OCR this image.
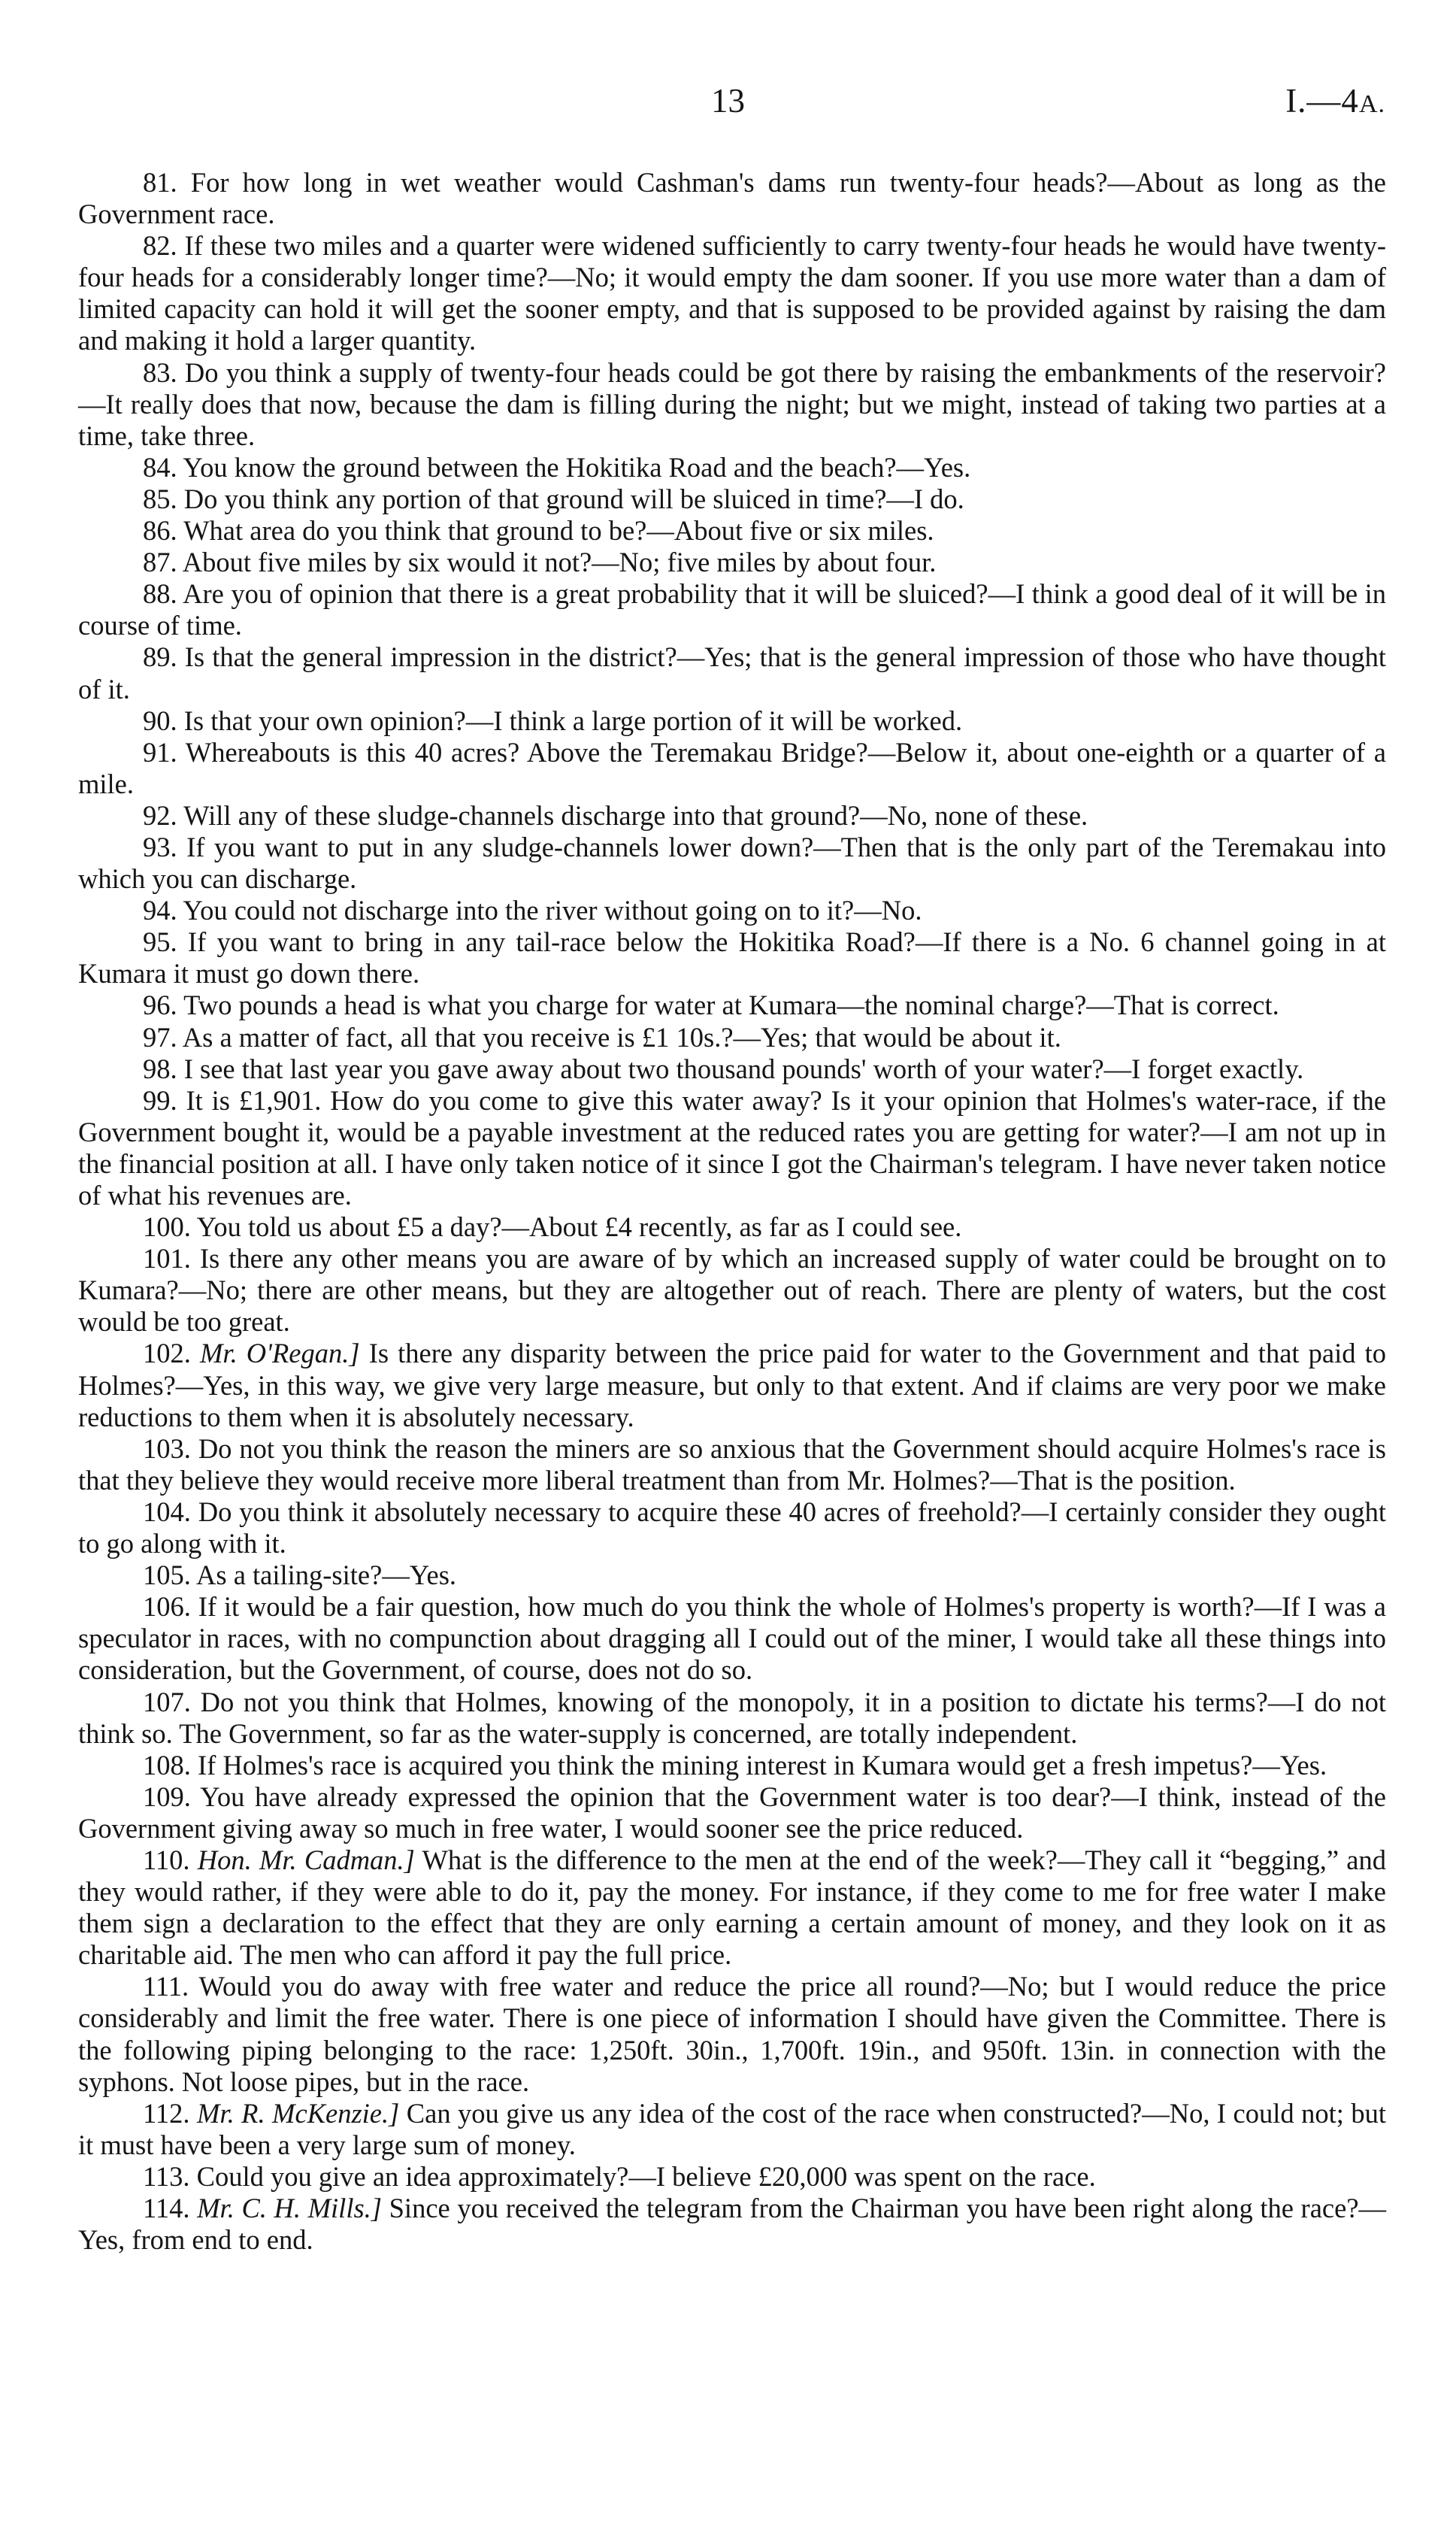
13	I.—4A.

81. For how long in wet weather would Cashman's dams run twenty-four heads?—About as long as the Government race.

82. If these two miles and a quarter were widened sufficiently to carry twenty-four heads he would have twenty-four heads for a considerably longer time?—No; it would empty the dam sooner. If you use more water than a dam of limited capacity can hold it will get the sooner empty, and that is supposed to be provided against by raising the dam and making it hold a larger quantity.

83. Do you think a supply of twenty-four heads could be got there by raising the embankments of the reservoir?—It really does that now, because the dam is filling during the night; but we might, instead of taking two parties at a time, take three.

84. You know the ground between the Hokitika Road and the beach?—Yes.

85. Do you think any portion of that ground will be sluiced in time?—I do.

86. What area do you think that ground to be?—About five or six miles.

87. About five miles by six would it not?—No; five miles by about four.

88. Are you of opinion that there is a great probability that it will be sluiced?—I think a good deal of it will be in course of time.

89. Is that the general impression in the district?—Yes; that is the general impression of those who have thought of it.

90. Is that your own opinion?—I think a large portion of it will be worked.

91. Whereabouts is this 40 acres? Above the Teremakau Bridge?—Below it, about one-eighth or a quarter of a mile.

92. Will any of these sludge-channels discharge into that ground?—No, none of these.

93. If you want to put in any sludge-channels lower down?—Then that is the only part of the Teremakau into which you can discharge.

94. You could not discharge into the river without going on to it?—No.

95. If you want to bring in any tail-race below the Hokitika Road?—If there is a No. 6 channel going in at Kumara it must go down there.

96. Two pounds a head is what you charge for water at Kumara—the nominal charge?—That is correct.

97. As a matter of fact, all that you receive is £1 10s.?—Yes; that would be about it.

98. I see that last year you gave away about two thousand pounds' worth of your water?—I forget exactly.

99. It is £1,901. How do you come to give this water away? Is it your opinion that Holmes's water-race, if the Government bought it, would be a payable investment at the reduced rates you are getting for water?—I am not up in the financial position at all. I have only taken notice of it since I got the Chairman's telegram. I have never taken notice of what his revenues are.

100. You told us about £5 a day?—About £4 recently, as far as I could see.

101. Is there any other means you are aware of by which an increased supply of water could be brought on to Kumara?—No; there are other means, but they are altogether out of reach. There are plenty of waters, but the cost would be too great.

102. Mr. O'Regan.] Is there any disparity between the price paid for water to the Government and that paid to Holmes?—Yes, in this way, we give very large measure, but only to that extent. And if claims are very poor we make reductions to them when it is absolutely necessary.

103. Do not you think the reason the miners are so anxious that the Government should acquire Holmes's race is that they believe they would receive more liberal treatment than from Mr. Holmes?—That is the position.

104. Do you think it absolutely necessary to acquire these 40 acres of freehold?—I certainly consider they ought to go along with it.

105. As a tailing-site?—Yes.

106. If it would be a fair question, how much do you think the whole of Holmes's property is worth?—If I was a speculator in races, with no compunction about dragging all I could out of the miner, I would take all these things into consideration, but the Government, of course, does not do so.

107. Do not you think that Holmes, knowing of the monopoly, it in a position to dictate his terms?—I do not think so. The Government, so far as the water-supply is concerned, are totally independent.

108. If Holmes's race is acquired you think the mining interest in Kumara would get a fresh impetus?—Yes.

109. You have already expressed the opinion that the Government water is too dear?—I think, instead of the Government giving away so much in free water, I would sooner see the price reduced.

110. Hon. Mr. Cadman.] What is the difference to the men at the end of the week?—They call it “begging,” and they would rather, if they were able to do it, pay the money. For instance, if they come to me for free water I make them sign a declaration to the effect that they are only earning a certain amount of money, and they look on it as charitable aid. The men who can afford it pay the full price.

111. Would you do away with free water and reduce the price all round?—No; but I would reduce the price considerably and limit the free water. There is one piece of information I should have given the Committee. There is the following piping belonging to the race: 1,250ft. 30in., 1,700ft. 19in., and 950ft. 13in. in connection with the syphons. Not loose pipes, but in the race.

112. Mr. R. McKenzie.] Can you give us any idea of the cost of the race when constructed?—No, I could not; but it must have been a very large sum of money.

113. Could you give an idea approximately?—I believe £20,000 was spent on the race.

114. Mr. C. H. Mills.] Since you received the telegram from the Chairman you have been right along the race?—Yes, from end to end.
